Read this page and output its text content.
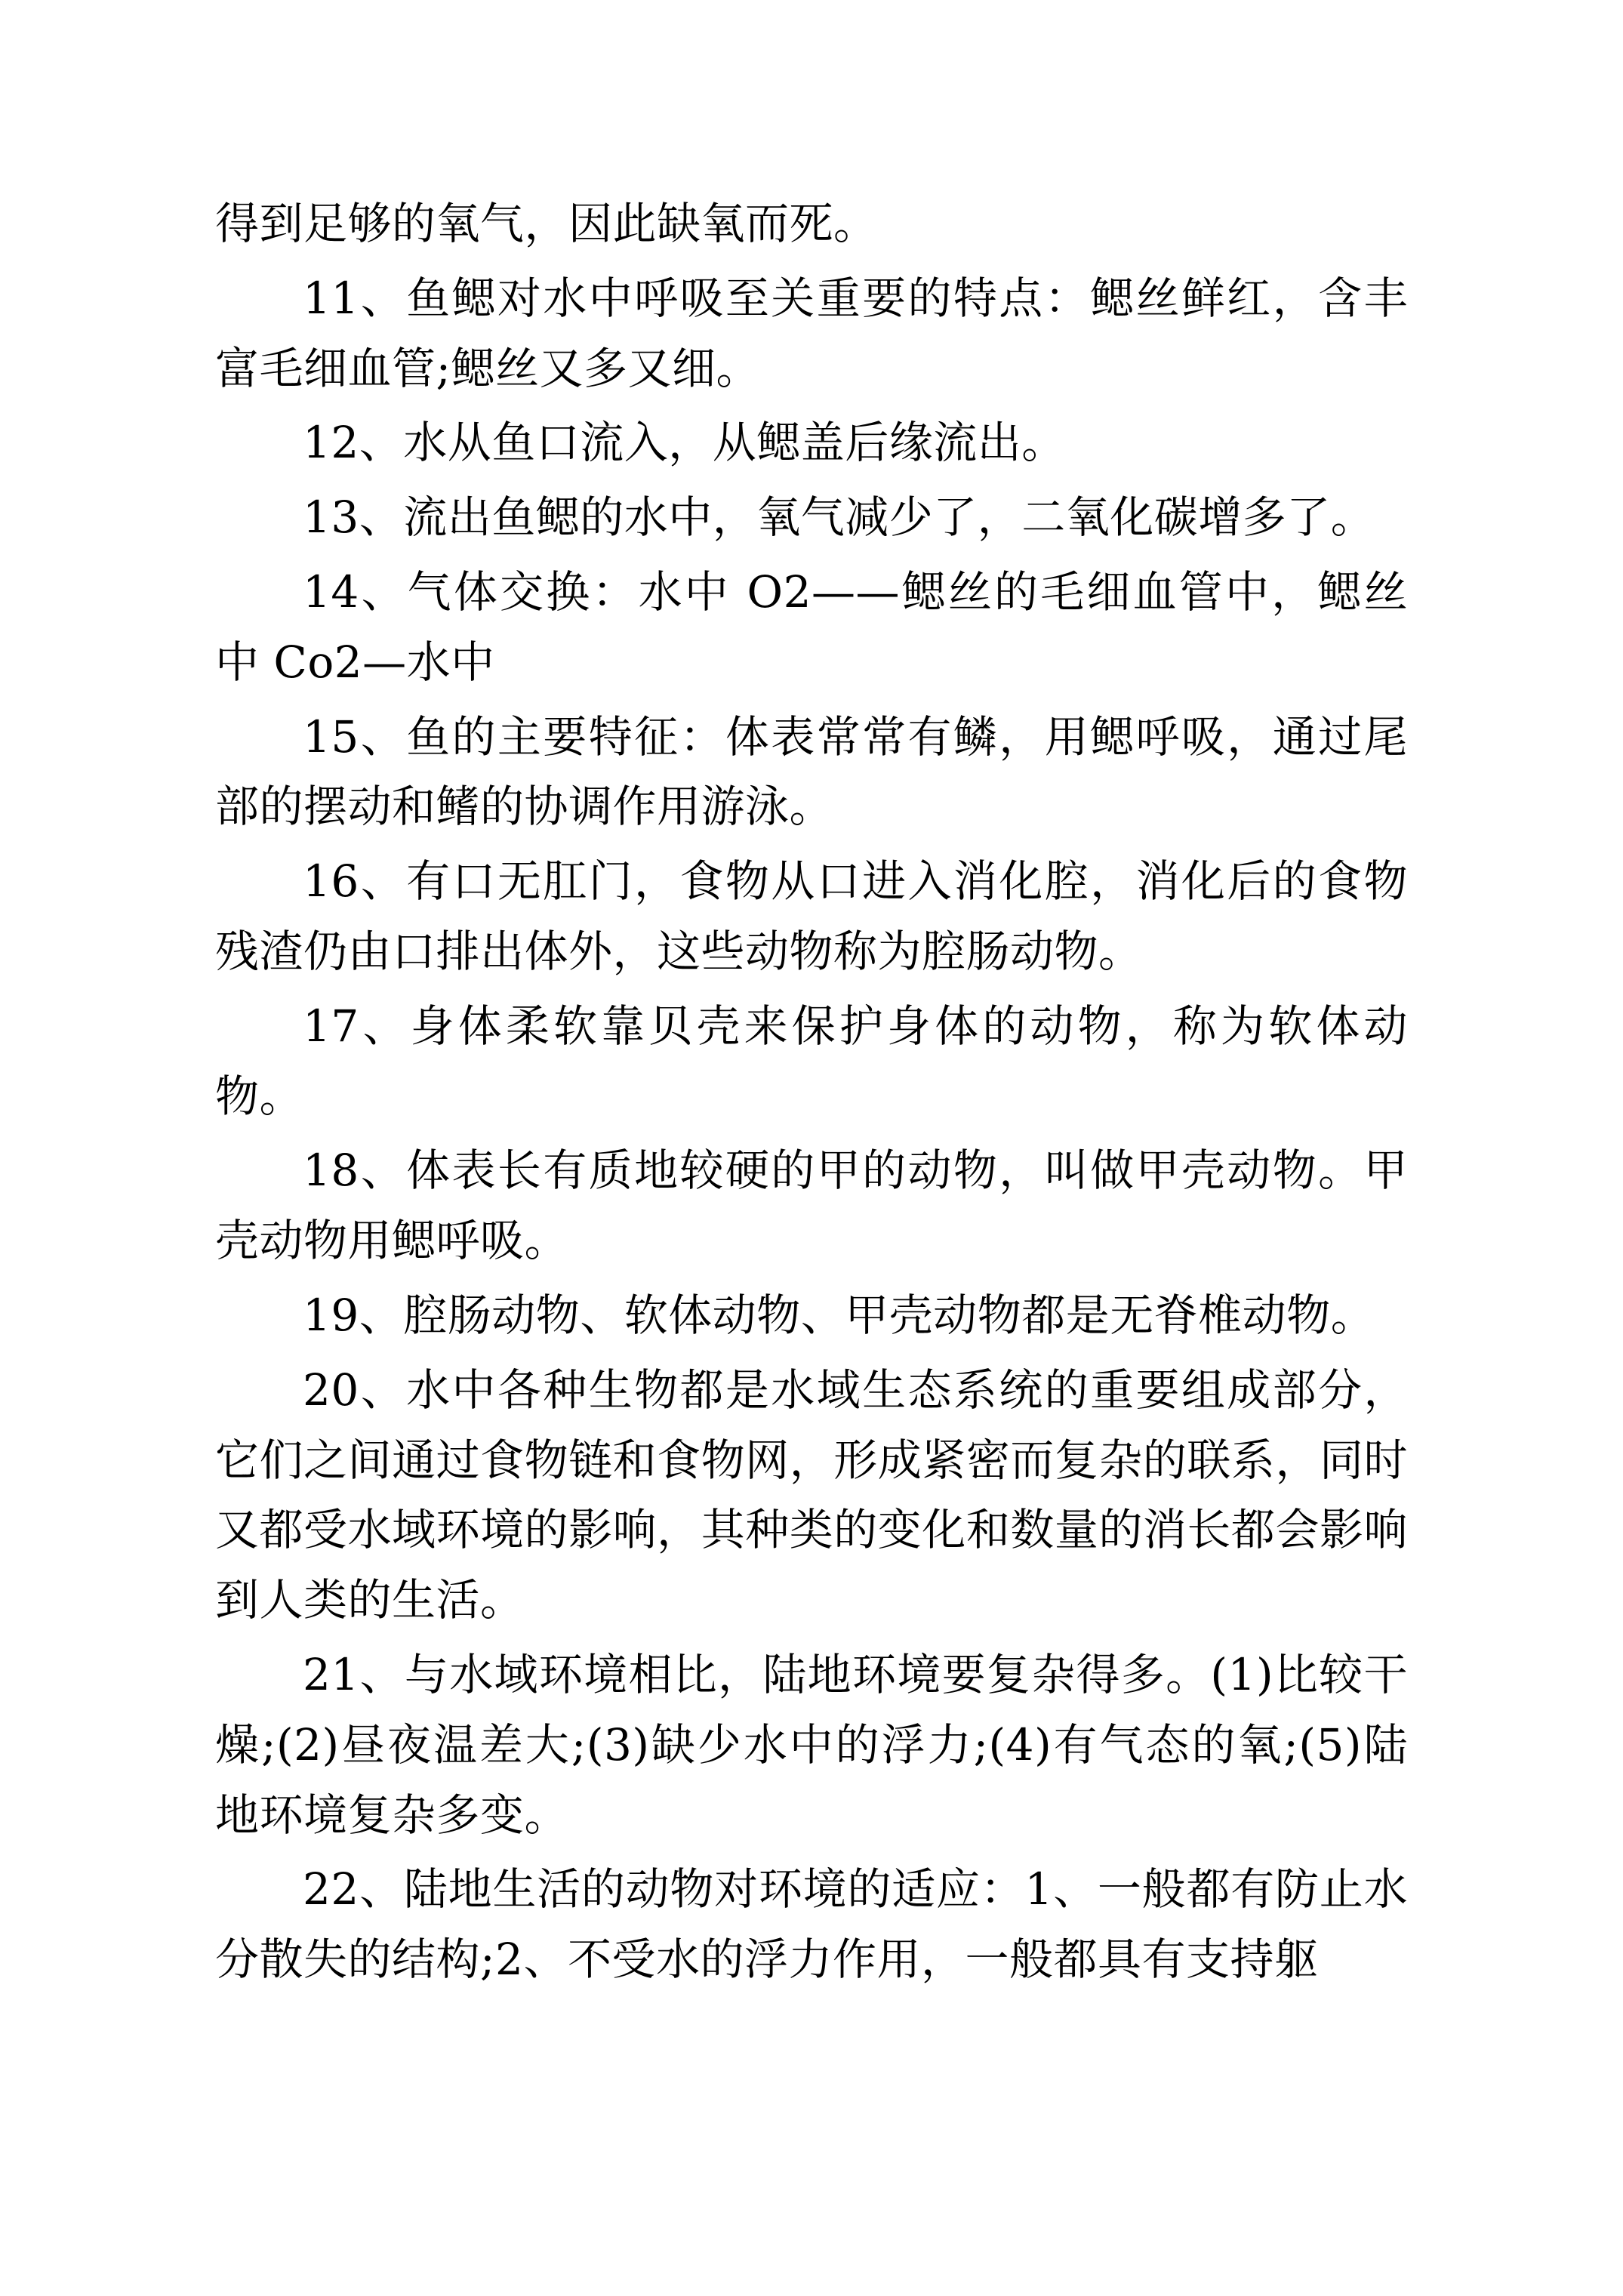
得到足够的氧气，因此缺氧而死。

11、鱼鳃对水中呼吸至关重要的特点：鳃丝鲜红，含丰富毛细血管;鳃丝又多又细。

12、水从鱼口流入，从鳃盖后缘流出。

13、流出鱼鳃的水中，氧气减少了，二氧化碳增多了。

14、气体交换：水中 O2——鳃丝的毛细血管中，鳃丝中 Co2—水中

15、鱼的主要特征：体表常常有鳞，用鳃呼吸，通过尾部的摆动和鳍的协调作用游泳。

16、有口无肛门，食物从口进入消化腔，消化后的食物残渣仍由口排出体外，这些动物称为腔肠动物。

17、身体柔软靠贝壳来保护身体的动物，称为软体动物。

18、体表长有质地较硬的甲的动物，叫做甲壳动物。甲壳动物用鳃呼吸。

19、腔肠动物、软体动物、甲壳动物都是无脊椎动物。

20、水中各种生物都是水域生态系统的重要组成部分，它们之间通过食物链和食物网，形成紧密而复杂的联系，同时又都受水域环境的影响，其种类的变化和数量的消长都会影响到人类的生活。

21、与水域环境相比，陆地环境要复杂得多。(1)比较干燥;(2)昼夜温差大;(3)缺少水中的浮力;(4)有气态的氧;(5)陆地环境复杂多变。

22、陆地生活的动物对环境的适应：1、一般都有防止水分散失的结构;2、不受水的浮力作用，一般都具有支持躯
